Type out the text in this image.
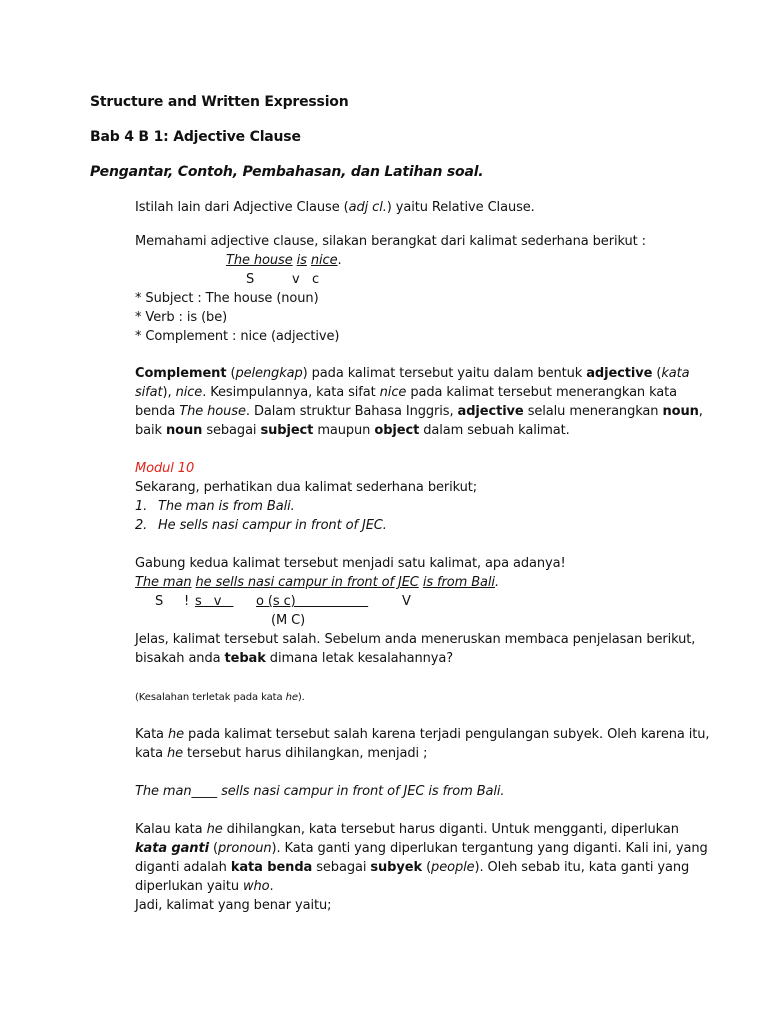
Structure and Written Expression
Bab 4 B 1: Adjective Clause
Pengantar, Contoh, Pembahasan, dan Latihan soal.
Istilah lain dari Adjective Clause (adj cl.) yaitu Relative Clause.
Memahami adjective clause, silakan berangkat dari kalimat sederhana berikut :
The house is nice.
S	v c
* Subject : The house (noun)
* Verb : is (be)
* Complement : nice (adjective)
Complement (pelengkap) pada kalimat tersebut yaitu dalam bentuk adjective (kata
sifat), nice. Kesimpulannya, kata sifat nice pada kalimat tersebut menerangkan kata
benda The house. Dalam struktur Bahasa Inggris, adjective selalu menerangkan noun,
baik noun sebagai subject maupun object dalam sebuah kalimat.
Modul 10
Sekarang, perhatikan dua kalimat sederhana berikut;
1. The man is from Bali.
2. He sells nasi campur in front of JEC.
Gabung kedua kalimat tersebut menjadi satu kalimat, apa adanya!
The man he sells nasi campur in front of JEC is from Bali.
S ! s   v o (s c)	V
(M C)
Jelas, kalimat tersebut salah. Sebelum anda meneruskan membaca penjelasan berikut,
bisakah anda tebak dimana letak kesalahannya?
(Kesalahan terletak pada kata he).
Kata he pada kalimat tersebut salah karena terjadi pengulangan subyek. Oleh karena itu,
kata he tersebut harus dihilangkan, menjadi ;
The man____ sells nasi campur in front of JEC is from Bali.
Kalau kata he dihilangkan, kata tersebut harus diganti. Untuk mengganti, diperlukan
kata ganti (pronoun). Kata ganti yang diperlukan tergantung yang diganti. Kali ini, yang
diganti adalah kata benda sebagai subyek (people). Oleh sebab itu, kata ganti yang
diperlukan yaitu who.
Jadi, kalimat yang benar yaitu;
